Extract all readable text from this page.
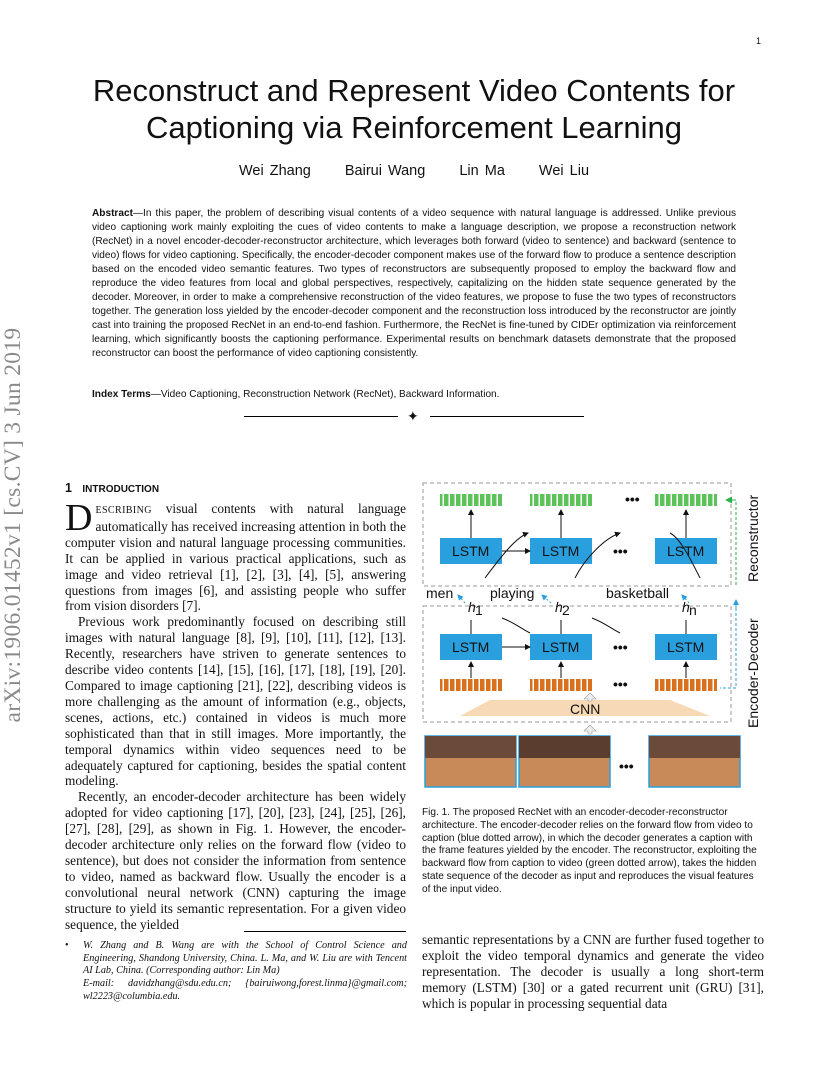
1
arXiv:1906.01452v1 [cs.CV] 3 Jun 2019
Reconstruct and Represent Video Contents for
Captioning via Reinforcement Learning
Wei Zhang Bairui Wang Lin Ma Wei Liu
Abstract—In this paper, the problem of describing visual contents of a video sequence with natural language is addressed. Unlike previous video captioning work mainly exploiting the cues of video contents to make a language description, we propose a reconstruction network (RecNet) in a novel encoder-decoder-reconstructor architecture, which leverages both forward (video to sentence) and backward (sentence to video) flows for video captioning. Specifically, the encoder-decoder component makes use of the forward flow to produce a sentence description based on the encoded video semantic features. Two types of reconstructors are subsequently proposed to employ the backward flow and reproduce the video features from local and global perspectives, respectively, capitalizing on the hidden state sequence generated by the decoder. Moreover, in order to make a comprehensive reconstruction of the video features, we propose to fuse the two types of reconstructors together. The generation loss yielded by the encoder-decoder component and the reconstruction loss introduced by the reconstructor are jointly cast into training the proposed RecNet in an end-to-end fashion. Furthermore, the RecNet is fine-tuned by CIDEr optimization via reinforcement learning, which significantly boosts the captioning performance. Experimental results on benchmark datasets demonstrate that the proposed reconstructor can boost the performance of video captioning consistently.
Index Terms—Video Captioning, Reconstruction Network (RecNet), Backward Information.
✦
1 INTRODUCTION

DESCRIBING visual contents with natural language automatically has received increasing attention in both the computer vision and natural language processing communities. It can be applied in various practical applications, such as image and video retrieval [1], [2], [3], [4], [5], answering questions from images [6], and assisting people who suffer from vision disorders [7].

Previous work predominantly focused on describing still images with natural language [8], [9], [10], [11], [12], [13]. Recently, researchers have striven to generate sentences to describe video contents [14], [15], [16], [17], [18], [19], [20]. Compared to image captioning [21], [22], describing videos is more challenging as the amount of information (e.g., objects, scenes, actions, etc.) contained in videos is much more sophisticated than that in still images. More importantly, the temporal dynamics within video sequences need to be adequately captured for captioning, besides the spatial content modeling.

Recently, an encoder-decoder architecture has been widely adopted for video captioning [17], [20], [23], [24], [25], [26], [27], [28], [29], as shown in Fig. 1. However, the encoder-decoder architecture only relies on the forward flow (video to sentence), but does not consider the information from sentence to video, named as backward flow. Usually the encoder is a convolutional neural network (CNN) capturing the image structure to yield its semantic representation. For a given video sequence, the yielded

• W. Zhang and B. Wang are with the School of Control Science and Engineering, Shandong University, China. L. Ma, and W. Liu are with Tencent AI Lab, China. (Corresponding author: Lin Ma)
E-mail: davidzhang@sdu.edu.cn; {bairuiwong,forest.linma}@gmail.com; wl2223@columbia.edu.
•••
LSTM	LSTM	LSTM
•••
men	playing	basketball
h 1	h 2	h n
LSTM	LSTM	LSTM
•••
•••
CNN
•••
Reconstructor
Encoder-Decoder
Fig. 1. The proposed RecNet with an encoder-decoder-reconstructor architecture. The encoder-decoder relies on the forward flow from video to caption (blue dotted arrow), in which the decoder generates a caption with the frame features yielded by the encoder. The reconstructor, exploiting the backward flow from caption to video (green dotted arrow), takes the hidden state sequence of the decoder as input and reproduces the visual features of the input video.
semantic representations by a CNN are further fused together to exploit the video temporal dynamics and generate the video representation. The decoder is usually a long short-term memory (LSTM) [30] or a gated recurrent unit (GRU) [31], which is popular in processing sequential data
